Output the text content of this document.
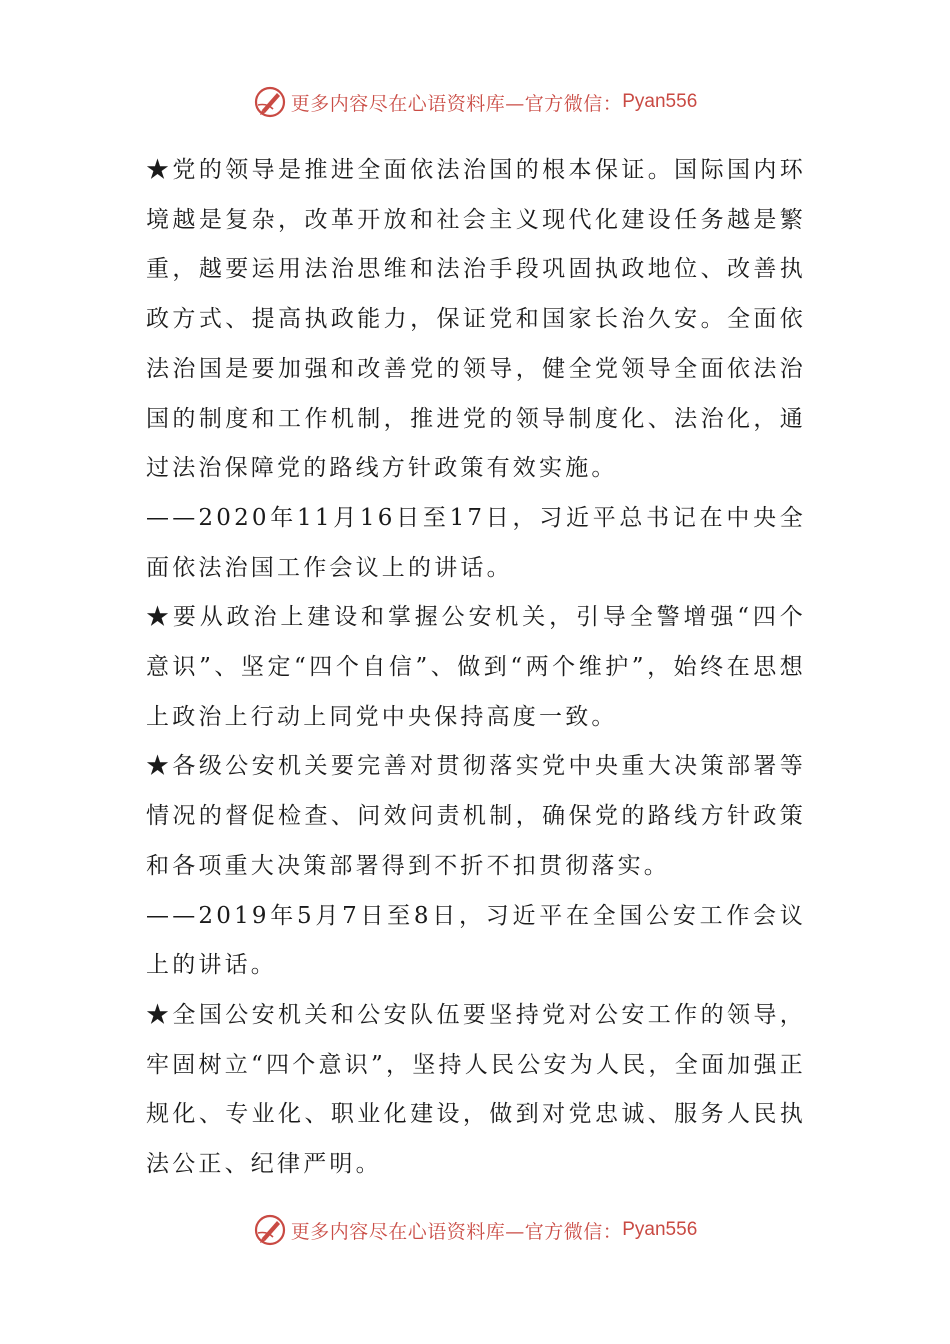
更多内容尽在心语资料库—官方微信： Pyan556

★党的领导是推进全面依法治国的根本保证。国际国内环境越是复杂，改革开放和社会主义现代化建设任务越是繁重，越要运用法治思维和法治手段巩固执政地位、改善执政方式、提高执政能力，保证党和国家长治久安。全面依法治国是要加强和改善党的领导，健全党领导全面依法治国的制度和工作机制，推进党的领导制度化、法治化，通过法治保障党的路线方针政策有效实施。

——2020年11月16日至17日，习近平总书记在中央全面依法治国工作会议上的讲话。

★要从政治上建设和掌握公安机关，引导全警增强“四个意识”、坚定“四个自信”、做到“两个维护”，始终在思想上政治上行动上同党中央保持高度一致。

★各级公安机关要完善对贯彻落实党中央重大决策部署等情况的督促检查、问效问责机制，确保党的路线方针政策和各项重大决策部署得到不折不扣贯彻落实。

——2019年5月7日至8日，习近平在全国公安工作会议上的讲话。

★全国公安机关和公安队伍要坚持党对公安工作的领导，牢固树立“四个意识”，坚持人民公安为人民，全面加强正规化、专业化、职业化建设，做到对党忠诚、服务人民执法公正、纪律严明。

更多内容尽在心语资料库—官方微信： Pyan556
